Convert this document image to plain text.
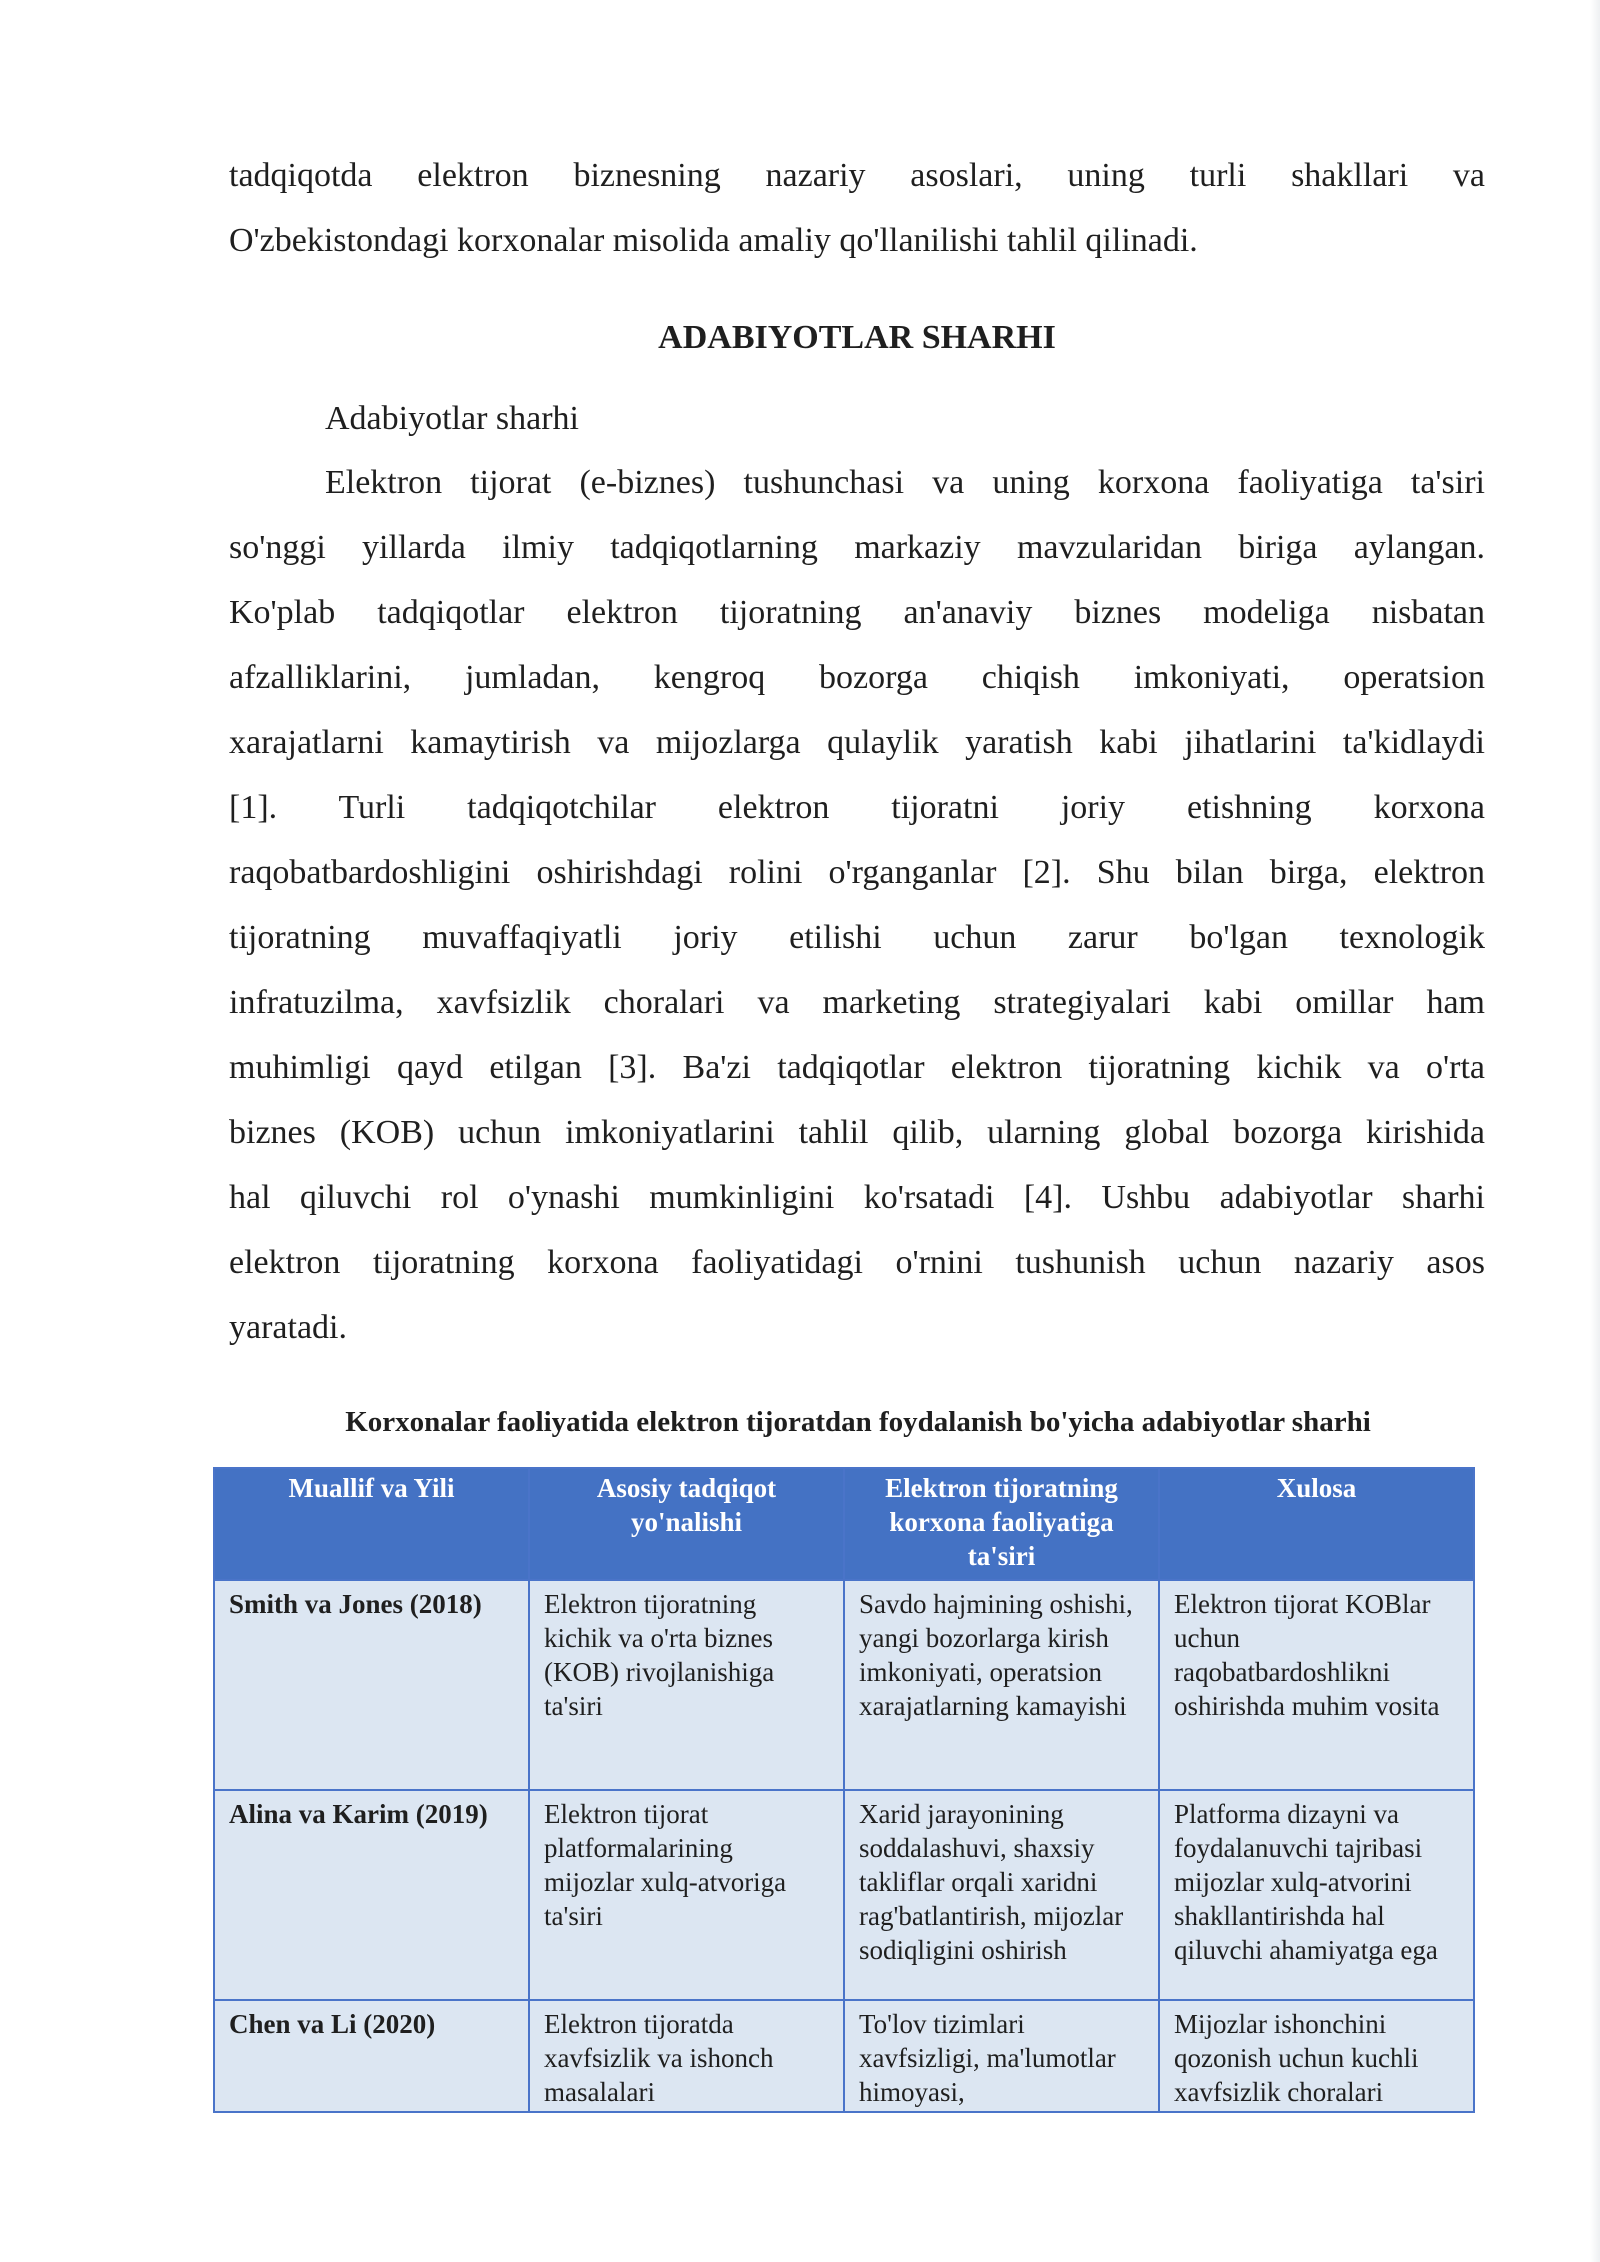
tadqiqotda elektron biznesning nazariy asoslari, uning turli shakllari va
O'zbekistondagi korxonalar misolida amaliy qo'llanilishi tahlil qilinadi.
ADABIYOTLAR SHARHI
Adabiyotlar sharhi
Elektron tijorat (e-biznes) tushunchasi va uning korxona faoliyatiga ta'siri
so'nggi yillarda ilmiy tadqiqotlarning markaziy mavzularidan biriga aylangan.
Ko'plab tadqiqotlar elektron tijoratning an'anaviy biznes modeliga nisbatan
afzalliklarini, jumladan, kengroq bozorga chiqish imkoniyati, operatsion
xarajatlarni kamaytirish va mijozlarga qulaylik yaratish kabi jihatlarini ta'kidlaydi
[1]. Turli tadqiqotchilar elektron tijoratni joriy etishning korxona
raqobatbardoshligini oshirishdagi rolini o'rganganlar [2]. Shu bilan birga, elektron
tijoratning muvaffaqiyatli joriy etilishi uchun zarur bo'lgan texnologik
infratuzilma, xavfsizlik choralari va marketing strategiyalari kabi omillar ham
muhimligi qayd etilgan [3]. Ba'zi tadqiqotlar elektron tijoratning kichik va o'rta
biznes (KOB) uchun imkoniyatlarini tahlil qilib, ularning global bozorga kirishida
hal qiluvchi rol o'ynashi mumkinligini ko'rsatadi [4]. Ushbu adabiyotlar sharhi
elektron tijoratning korxona faoliyatidagi o'rnini tushunish uchun nazariy asos
yaratadi.
Korxonalar faoliyatida elektron tijoratdan foydalanish bo'yicha adabiyotlar sharhi
Muallif va Yili	Asosiy tadqiqot yo'nalishi	Elektron tijoratning korxona faoliyatiga ta'siri	Xulosa
Smith va Jones (2018)	Elektron tijoratning kichik va o'rta biznes (KOB) rivojlanishiga ta'siri	Savdo hajmining oshishi, yangi bozorlarga kirish imkoniyati, operatsion xarajatlarning kamayishi	Elektron tijorat KOBlar uchun raqobatbardoshlikni oshirishda muhim vosita
Alina va Karim (2019)	Elektron tijorat platformalarining mijozlar xulq-atvoriga ta'siri	Xarid jarayonining soddalashuvi, shaxsiy takliflar orqali xaridni rag'batlantirish, mijozlar sodiqligini oshirish	Platforma dizayni va foydalanuvchi tajribasi mijozlar xulq-atvorini shakllantirishda hal qiluvchi ahamiyatga ega
Chen va Li (2020)	Elektron tijoratda xavfsizlik va ishonch masalalari	To'lov tizimlari xavfsizligi, ma'lumotlar himoyasi,	Mijozlar ishonchini qozonish uchun kuchli xavfsizlik choralari
